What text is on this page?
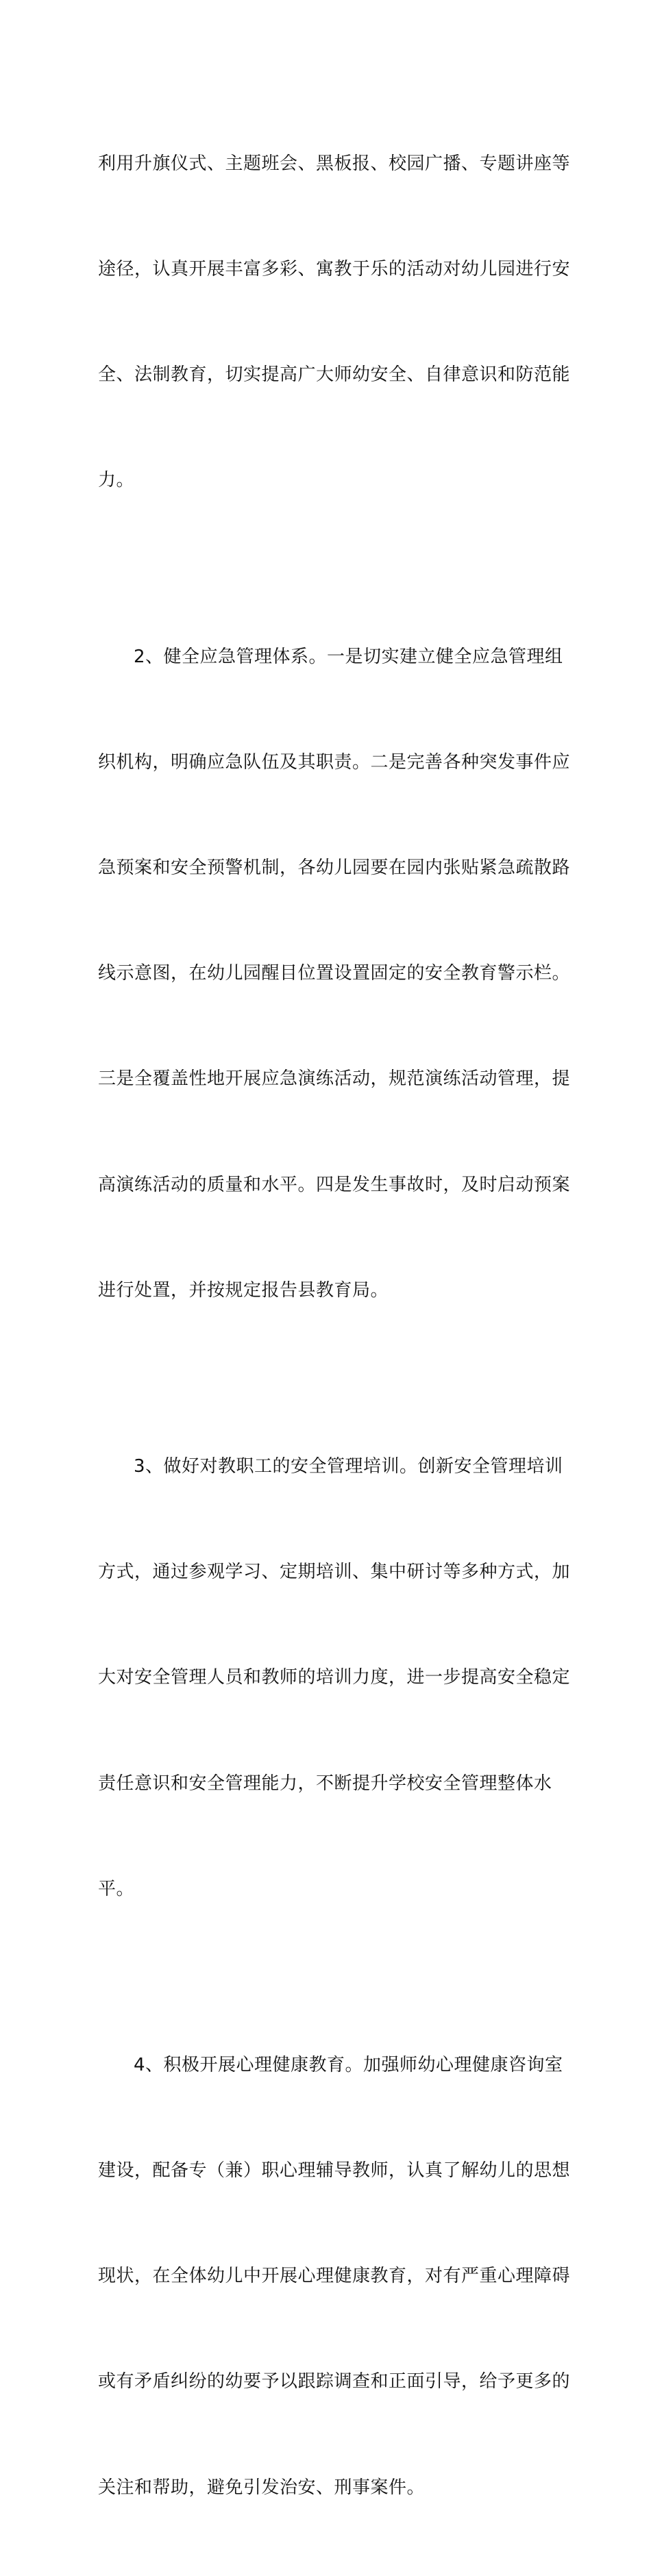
利用升旗仪式、主题班会、黑板报、校园广播、专题讲座等

途径，认真开展丰富多彩、寓教于乐的活动对幼儿园进行安

全、法制教育，切实提高广大师幼安全、自律意识和防范能

力。

2、健全应急管理体系。一是切实建立健全应急管理组

织机构，明确应急队伍及其职责。二是完善各种突发事件应

急预案和安全预警机制，各幼儿园要在园内张贴紧急疏散路

线示意图，在幼儿园醒目位置设置固定的安全教育警示栏。

三是全覆盖性地开展应急演练活动，规范演练活动管理，提

高演练活动的质量和水平。四是发生事故时，及时启动预案

进行处置，并按规定报告县教育局。

3、做好对教职工的安全管理培训。创新安全管理培训

方式，通过参观学习、定期培训、集中研讨等多种方式，加

大对安全管理人员和教师的培训力度，进一步提高安全稳定

责任意识和安全管理能力，不断提升学校安全管理整体水

平。

4、积极开展心理健康教育。加强师幼心理健康咨询室

建设，配备专（兼）职心理辅导教师，认真了解幼儿的思想

现状，在全体幼儿中开展心理健康教育，对有严重心理障碍

或有矛盾纠纷的幼要予以跟踪调查和正面引导，给予更多的

关注和帮助，避免引发治安、刑事案件。
